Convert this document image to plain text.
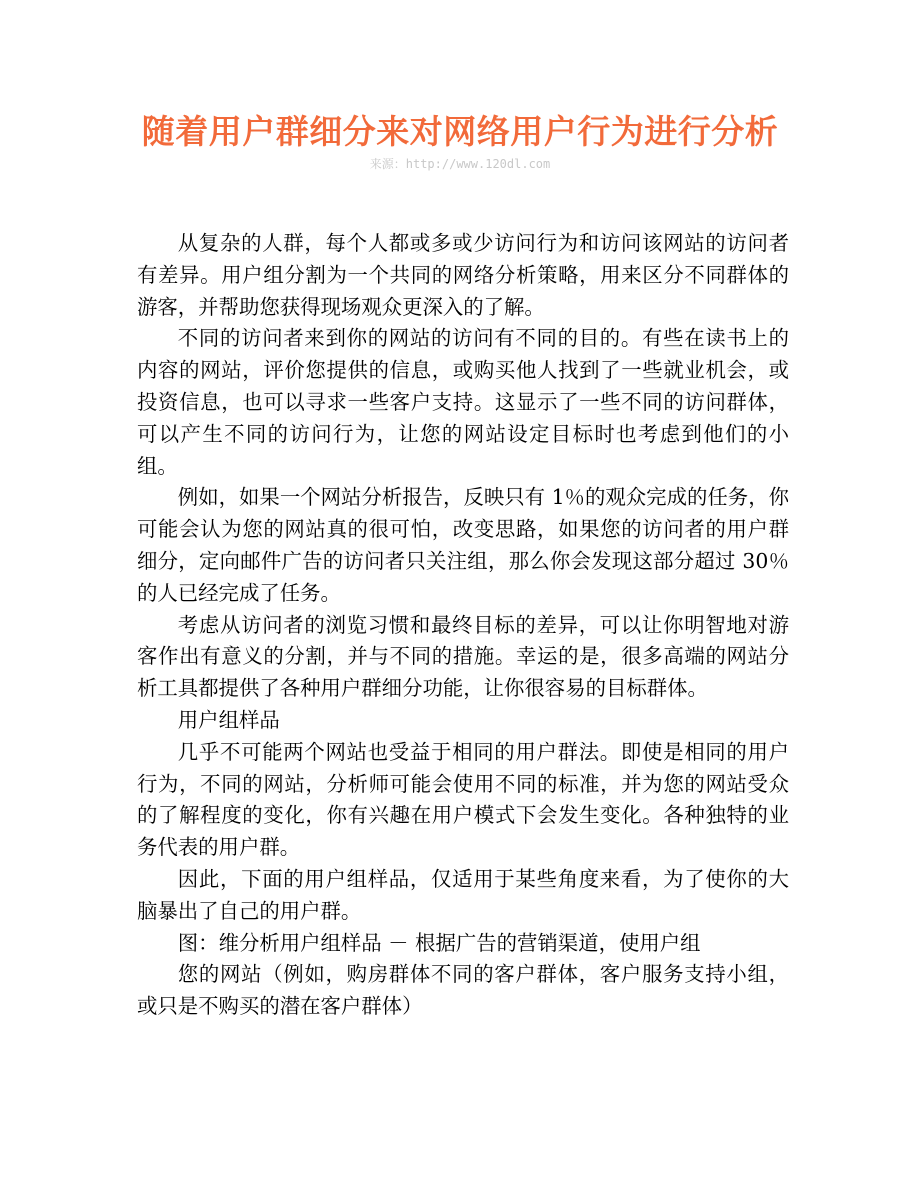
随着用户群细分来对网络用户行为进行分析
来源：http://www.120dl.com

从复杂的人群，每个人都或多或少访问行为和访问该网站的访问者有差异。用户组分割为一个共同的网络分析策略，用来区分不同群体的游客，并帮助您获得现场观众更深入的了解。

不同的访问者来到你的网站的访问有不同的目的。有些在读书上的内容的网站，评价您提供的信息，或购买他人找到了一些就业机会，或投资信息，也可以寻求一些客户支持。这显示了一些不同的访问群体，可以产生不同的访问行为，让您的网站设定目标时也考虑到他们的小组。

例如，如果一个网站分析报告，反映只有 1％的观众完成的任务，你可能会认为您的网站真的很可怕，改变思路，如果您的访问者的用户群细分，定向邮件广告的访问者只关注组，那么你会发现这部分超过 30％的人已经完成了任务。

考虑从访问者的浏览习惯和最终目标的差异，可以让你明智地对游客作出有意义的分割，并与不同的措施。幸运的是，很多高端的网站分析工具都提供了各种用户群细分功能，让你很容易的目标群体。

用户组样品

几乎不可能两个网站也受益于相同的用户群法。即使是相同的用户行为，不同的网站，分析师可能会使用不同的标准，并为您的网站受众的了解程度的变化，你有兴趣在用户模式下会发生变化。各种独特的业务代表的用户群。

因此，下面的用户组样品，仅适用于某些角度来看，为了使你的大脑暴出了自己的用户群。

图：维分析用户组样品 － 根据广告的营销渠道，使用户组

您的网站（例如，购房群体不同的客户群体，客户服务支持小组，或只是不购买的潜在客户群体）
